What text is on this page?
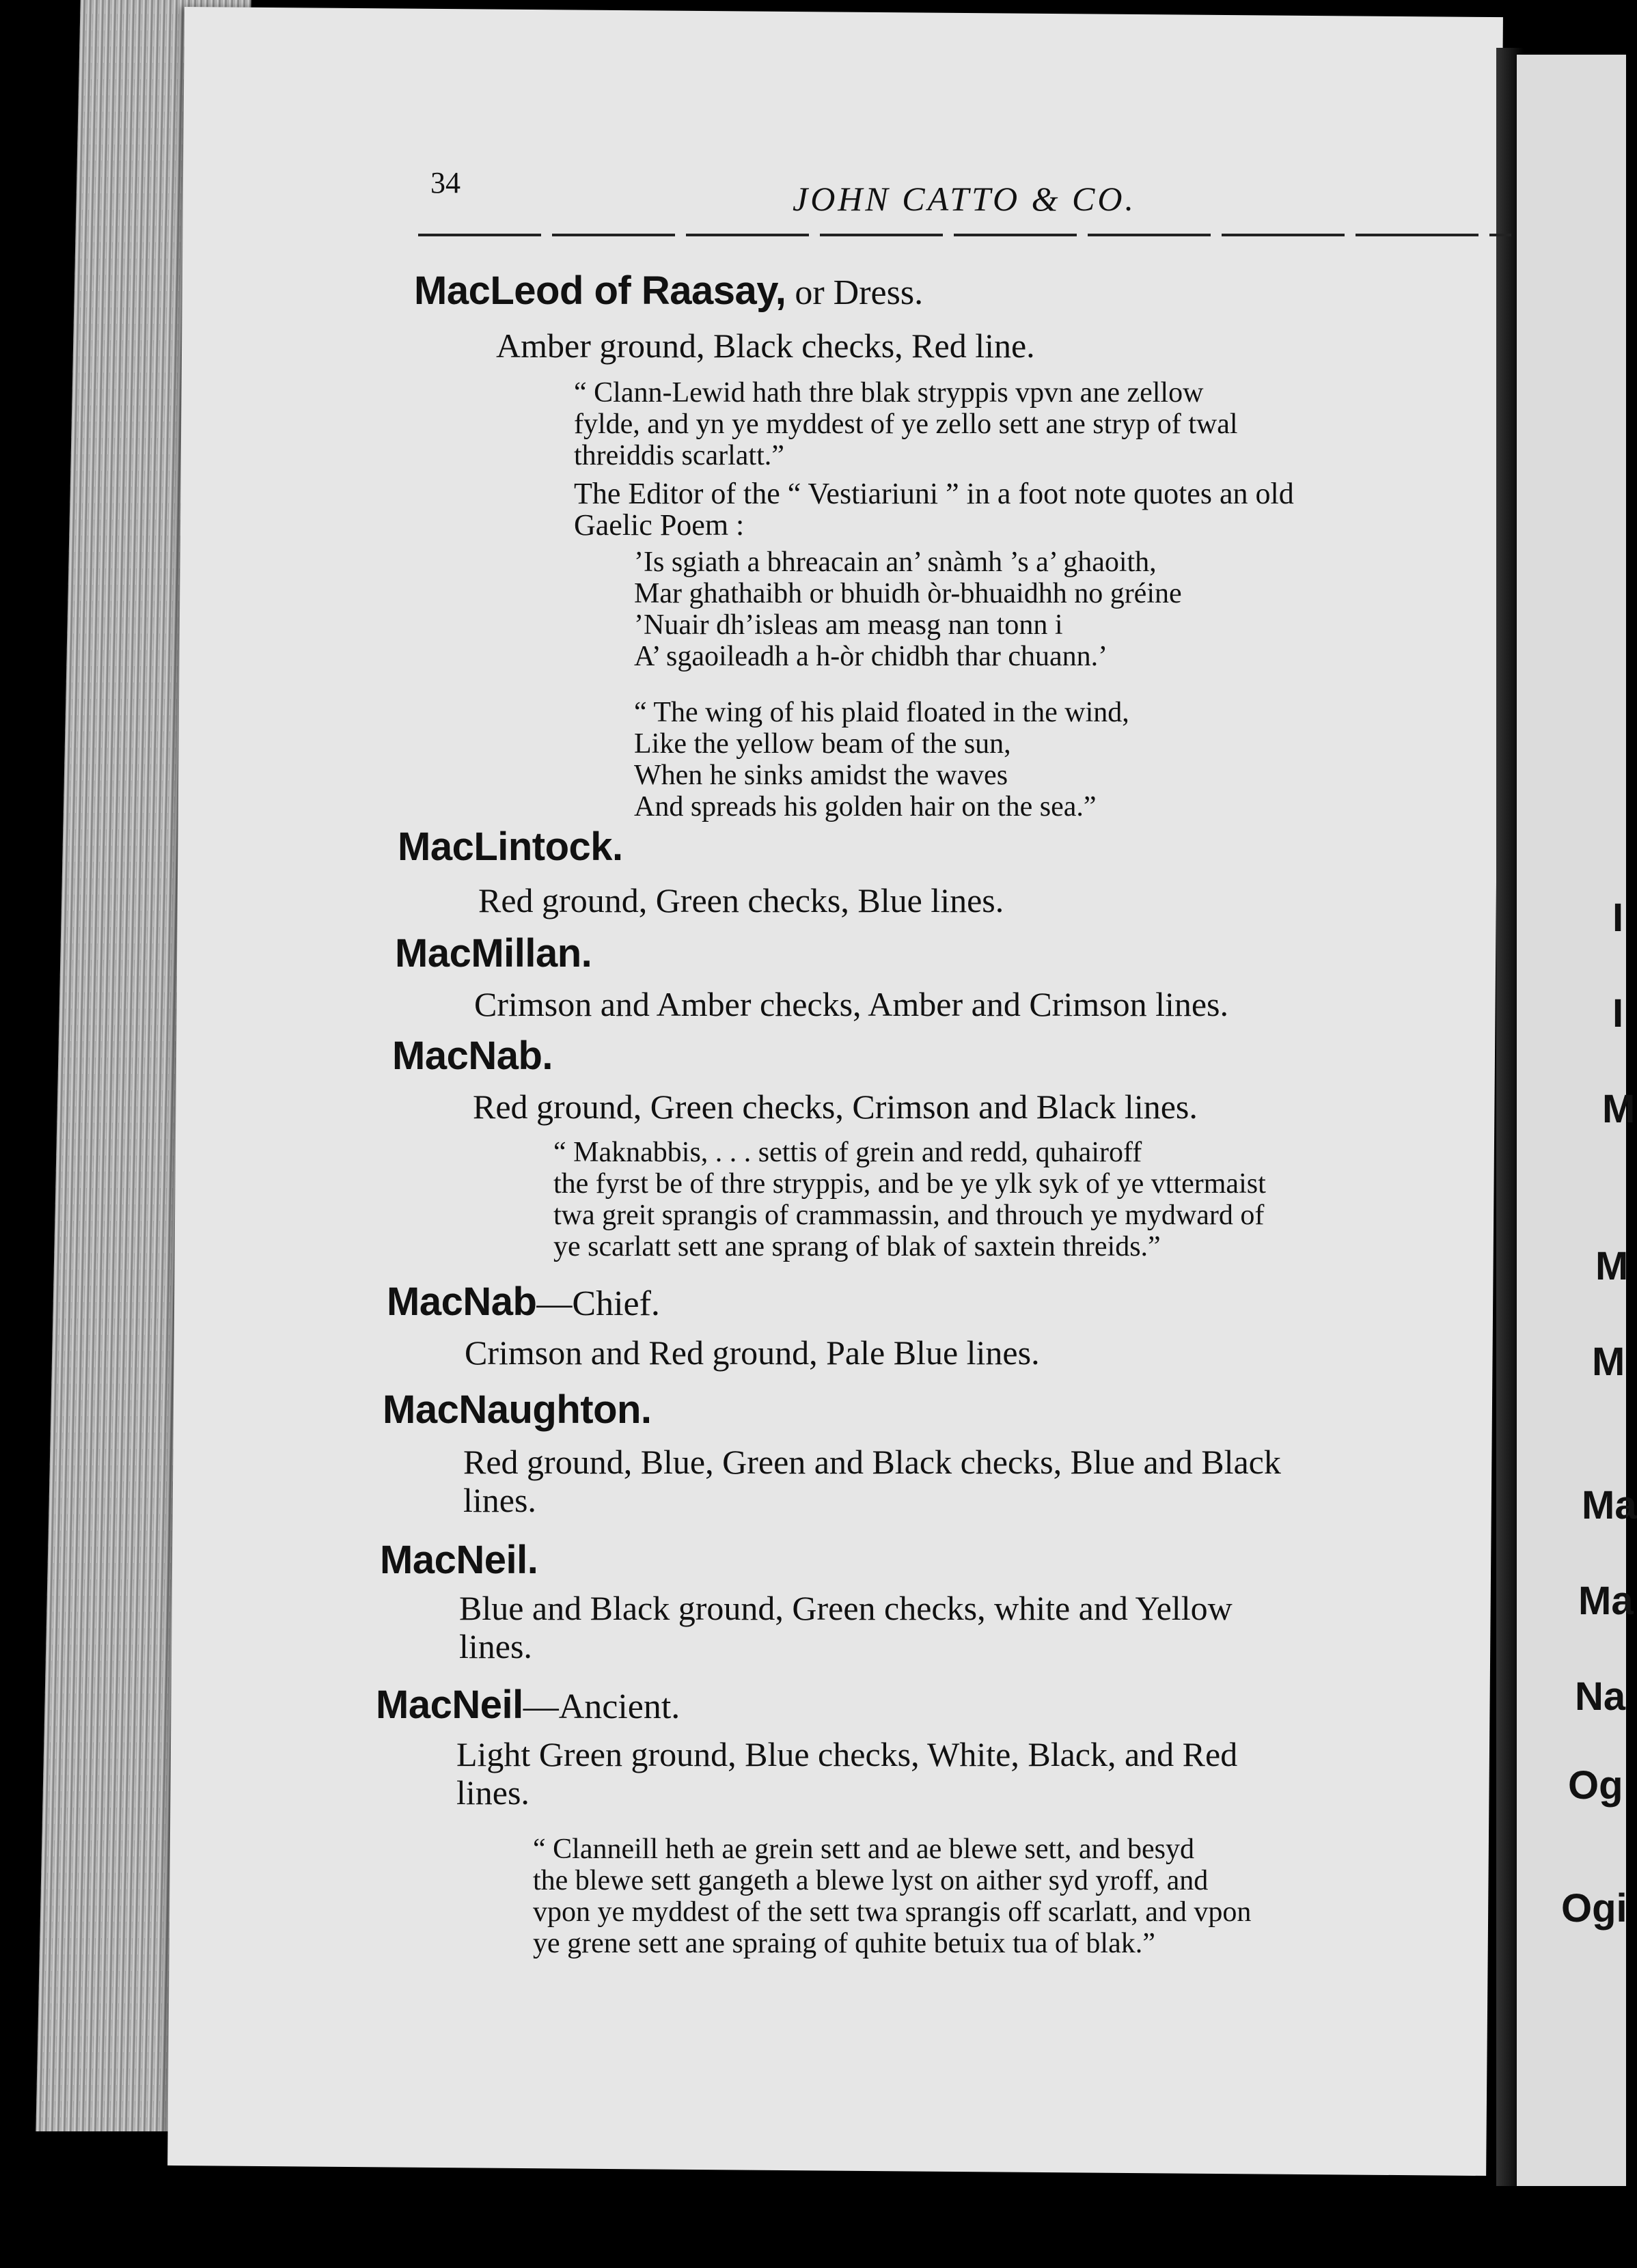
I
I
M
M
M
Ma
Ma
Na
Og
Ogi
34	JOHN CATTO & CO.
MacLeod of Raasay, or Dress.
Amber ground, Black checks, Red line.
“ Clann-Lewid hath thre blak stryppis vpvn ane zellow
fylde, and yn ye myddest of ye zello sett ane stryp of twal
threiddis scarlatt.”
The Editor of the “ Vestiariuni ” in a foot note quotes an old
Gaelic Poem :
’Is sgiath a bhreacain an’ snàmh ’s a’ ghaoith,
Mar ghathaibh or bhuidh òr-bhuaidhh no gréine
’Nuair dh’isleas am measg nan tonn i
A’ sgaoileadh a h-òr chidbh thar chuann.’
“ The wing of his plaid floated in the wind,
Like the yellow beam of the sun,
When he sinks amidst the waves
And spreads his golden hair on the sea.”
MacLintock.
Red ground, Green checks, Blue lines.
MacMillan.
Crimson and Amber checks, Amber and Crimson lines.
MacNab.
Red ground, Green checks, Crimson and Black lines.
“ Maknabbis, . . . settis of grein and redd, quhairoff
the fyrst be of thre stryppis, and be ye ylk syk of ye vttermaist
twa greit sprangis of crammassin, and throuch ye mydward of
ye scarlatt sett ane sprang of blak of saxtein threids.”
MacNab—Chief.
Crimson and Red ground, Pale Blue lines.
MacNaughton.
Red ground, Blue, Green and Black checks, Blue and Black
lines.
MacNeil.
Blue and Black ground, Green checks, white and Yellow
lines.
MacNeil—Ancient.
Light Green ground, Blue checks, White, Black, and Red
lines.
“ Clanneill heth ae grein sett and ae blewe sett, and besyd
the blewe sett gangeth a blewe lyst on aither syd yroff, and
vpon ye myddest of the sett twa sprangis off scarlatt, and vpon
ye grene sett ane spraing of quhite betuix tua of blak.”
